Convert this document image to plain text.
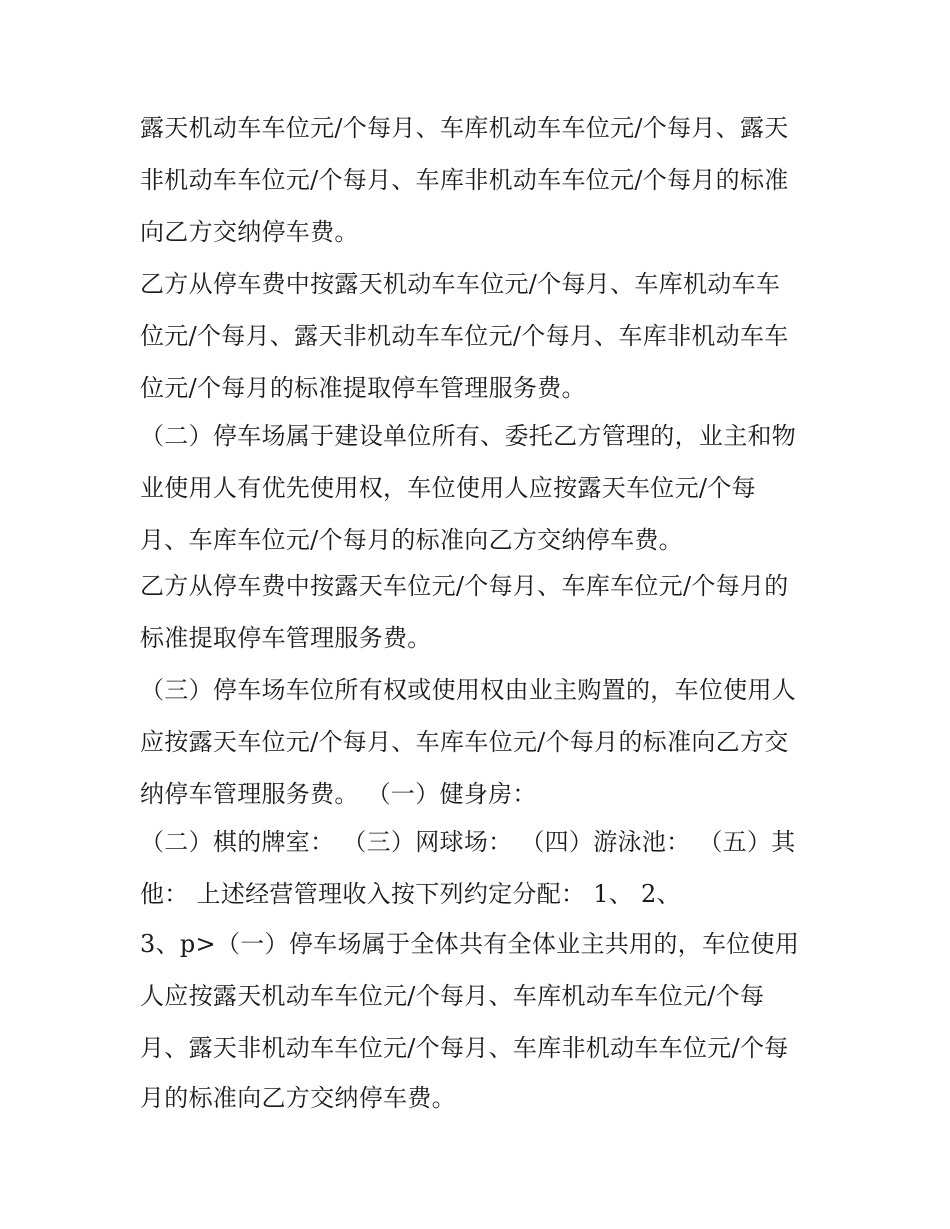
露天机动车车位元/个每月、车库机动车车位元/个每月、露天
非机动车车位元/个每月、车库非机动车车位元/个每月的标准
向乙方交纳停车费。
乙方从停车费中按露天机动车车位元/个每月、车库机动车车
位元/个每月、露天非机动车车位元/个每月、车库非机动车车
位元/个每月的标准提取停车管理服务费。
（二）停车场属于建设单位所有、委托乙方管理的，业主和物
业使用人有优先使用权，车位使用人应按露天车位元/个每
月、车库车位元/个每月的标准向乙方交纳停车费。
乙方从停车费中按露天车位元/个每月、车库车位元/个每月的
标准提取停车管理服务费。
（三）停车场车位所有权或使用权由业主购置的，车位使用人
应按露天车位元/个每月、车库车位元/个每月的标准向乙方交
纳停车管理服务费。 （一）健身房：
（二）棋的牌室： （三）网球场： （四）游泳池： （五）其
他： 上述经营管理收入按下列约定分配： 1、 2、
3、p>（一）停车场属于全体共有全体业主共用的，车位使用
人应按露天机动车车位元/个每月、车库机动车车位元/个每
月、露天非机动车车位元/个每月、车库非机动车车位元/个每
月的标准向乙方交纳停车费。
